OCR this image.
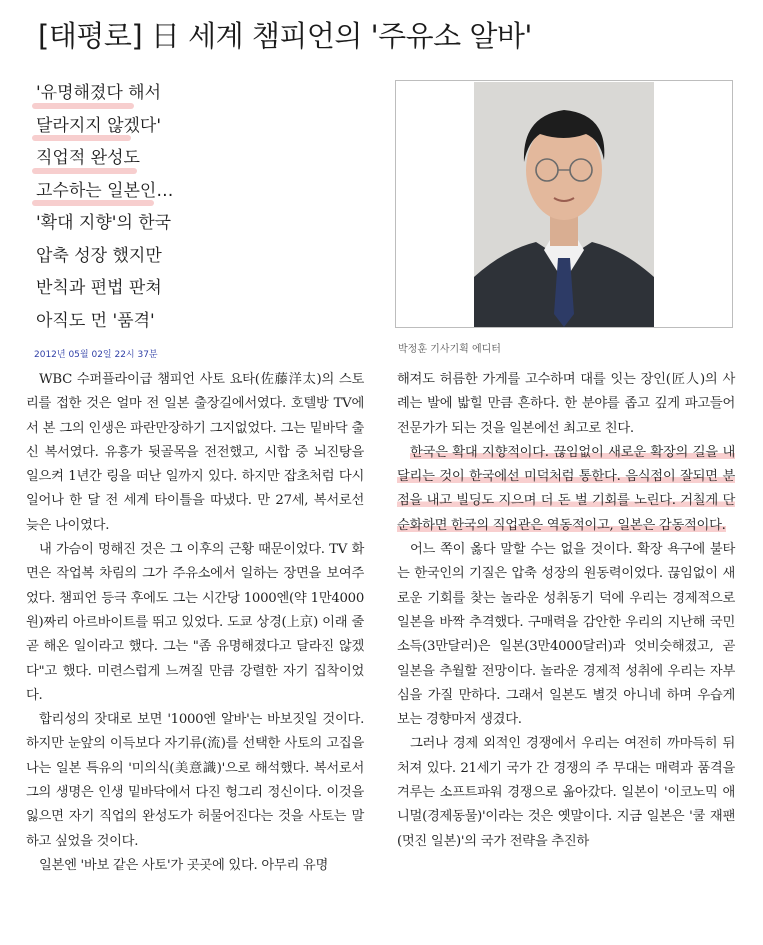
[태평로] 日 세계 챔피언의 '주유소 알바'
'유명해졌다 해서
달라지지 않겠다'
직업적 완성도
고수하는 일본인…
'확대 지향'의 한국
압축 성장 했지만
반칙과 편법 판쳐
아직도 먼 '품격'
2012년 05월 02일 22시 37분	박정훈 기사기획 에디터

WBC 수퍼플라이급 챔피언 사토 요타(佐藤洋太)의 스토리를 접한 것은 얼마 전 일본 출장길에서였다. 호텔방 TV에서 본 그의 인생은 파란만장하기 그지없었다. 그는 밑바닥 출신 복서였다. 유흥가 뒷골목을 전전했고, 시합 중 뇌진탕을 일으켜 1년간 링을 떠난 일까지 있다. 하지만 잡초처럼 다시 일어나 한 달 전 세계 타이틀을 따냈다. 만 27세, 복서로선 늦은 나이였다.

내 가슴이 멍해진 것은 그 이후의 근황 때문이었다. TV 화면은 작업복 차림의 그가 주유소에서 일하는 장면을 보여주었다. 챔피언 등극 후에도 그는 시간당 1000엔(약 1만4000원)짜리 아르바이트를 뛰고 있었다. 도쿄 상경(上京) 이래 줄곧 해온 일이라고 했다. 그는 "좀 유명해졌다고 달라진 않겠다"고 했다. 미련스럽게 느껴질 만큼 강렬한 자기 집착이었다.

합리성의 잣대로 보면 '1000엔 알바'는 바보짓일 것이다. 하지만 눈앞의 이득보다 자기류(流)를 선택한 사토의 고집을 나는 일본 특유의 '미의식(美意識)'으로 해석했다. 복서로서 그의 생명은 인생 밑바닥에서 다진 헝그리 정신이다. 이것을 잃으면 자기 직업의 완성도가 허물어진다는 것을 사토는 말하고 싶었을 것이다.

일본엔 '바보 같은 사토'가 곳곳에 있다. 아무리 유명

해져도 허름한 가게를 고수하며 대를 잇는 장인(匠人)의 사례는 발에 밟힐 만큼 흔하다. 한 분야를 좁고 깊게 파고들어 전문가가 되는 것을 일본에선 최고로 친다.

한국은 확대 지향적이다. 끊임없이 새로운 확장의 길을 내달리는 것이 한국에선 미덕처럼 통한다. 음식점이 잘되면 분점을 내고 빌딩도 지으며 더 돈 벌 기회를 노린다. 거칠게 단순화하면 한국의 직업관은 역동적이고, 일본은 감동적이다.

어느 쪽이 옳다 말할 수는 없을 것이다. 확장 욕구에 불타는 한국인의 기질은 압축 성장의 원동력이었다. 끊임없이 새로운 기회를 찾는 놀라운 성취동기 덕에 우리는 경제적으로 일본을 바짝 추격했다. 구매력을 감안한 우리의 지난해 국민소득(3만달러)은 일본(3만4000달러)과 엇비슷해졌고, 곧 일본을 추월할 전망이다. 놀라운 경제적 성취에 우리는 자부심을 가질 만하다. 그래서 일본도 별것 아니네 하며 우습게 보는 경향마저 생겼다.

그러나 경제 외적인 경쟁에서 우리는 여전히 까마득히 뒤처져 있다. 21세기 국가 간 경쟁의 주 무대는 매력과 품격을 겨루는 소프트파워 경쟁으로 옮아갔다. 일본이 '이코노믹 애니멀(경제동물)'이라는 것은 옛말이다. 지금 일본은 '쿨 재팬(멋진 일본)'의 국가 전략을 추진하
